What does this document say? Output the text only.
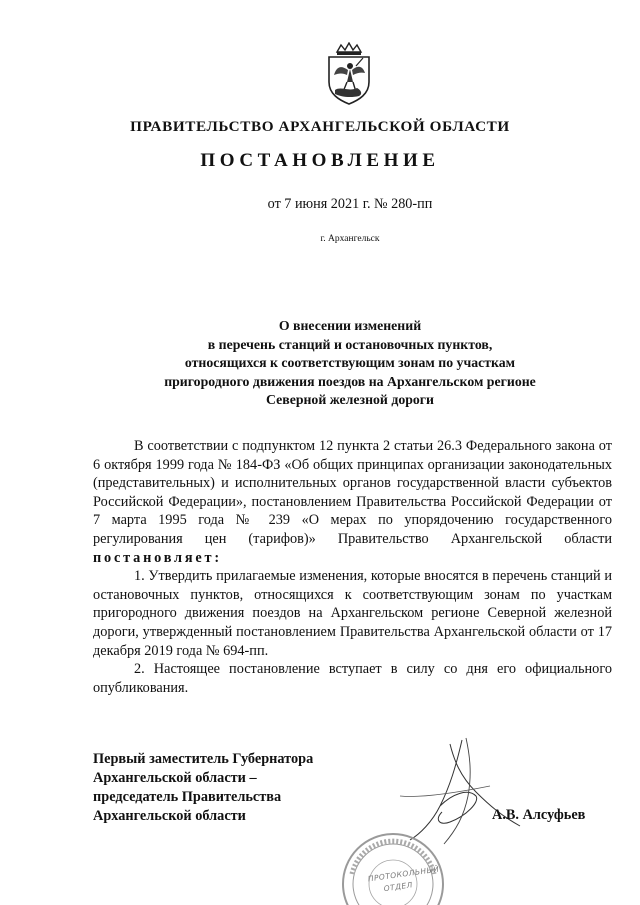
ПРАВИТЕЛЬСТВО АРХАНГЕЛЬСКОЙ ОБЛАСТИ
ПОСТАНОВЛЕНИЕ
от 7 июня 2021 г. № 280-пп
г. Архангельск
О внесении изменений
в перечень станций и остановочных пунктов,
относящихся к соответствующим зонам по участкам
пригородного движения поездов на Архангельском регионе
Северной железной дороги

В соответствии с подпунктом 12 пункта 2 статьи 26.3 Федерального закона от 6 октября 1999 года № 184-ФЗ «Об общих принципах организации законодательных (представительных) и исполнительных органов государственной власти субъектов Российской Федерации», постановлением Правительства Российской Федерации от 7 марта 1995 года № 239 «О мерах по упорядочению государственного регулирования цен (тарифов)» Правительство Архангельской области постановляет:

1. Утвердить прилагаемые изменения, которые вносятся в перечень станций и остановочных пунктов, относящихся к соответствующим зонам по участкам пригородного движения поездов на Архангельском регионе Северной железной дороги, утвержденный постановлением Правительства Архангельской области от 17 декабря 2019 года № 694-пп.

2. Настоящее постановление вступает в силу со дня его официального опубликования.

Первый заместитель Губернатора
Архангельской области –
председатель Правительства
Архангельской области	А.В. Алсуфьев
ПРОТОКОЛЬНЫЙ
ОТДЕЛ
